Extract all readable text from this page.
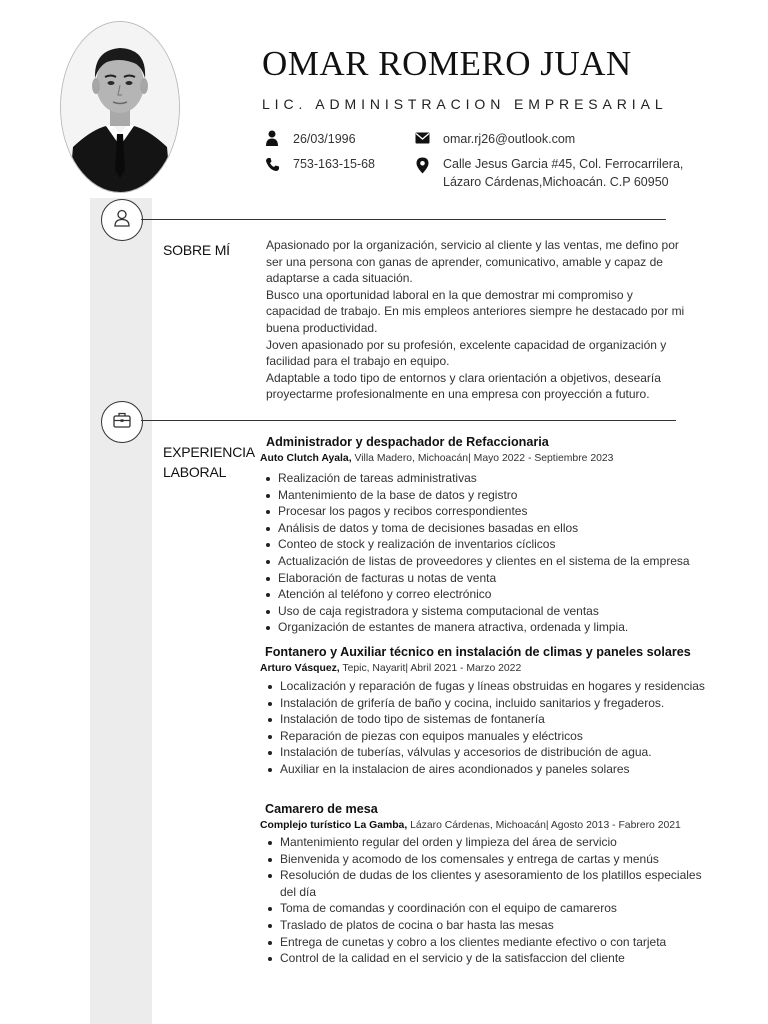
OMAR ROMERO JUAN
LIC. ADMINISTRACION EMPRESARIAL
26/03/1996
753-163-15-68
omar.rj26@outlook.com
Calle Jesus Garcia #45, Col. Ferrocarrilera,
Lázaro Cárdenas,Michoacán. C.P 60950
SOBRE MÍ	Apasionado por la organización, servicio al cliente y las ventas, me defino por ser una persona con ganas de aprender, comunicativo, amable y capaz de adaptarse a cada situación.

Busco una oportunidad laboral en la que demostrar mi compromiso y capacidad de trabajo. En mis empleos anteriores siempre he destacado por mi buena productividad.

Joven apasionado por su profesión, excelente capacidad de organización y facilidad para el trabajo en equipo.

Adaptable a todo tipo de entornos y clara orientación a objetivos, desearía proyectarme profesionalmente en una empresa con proyección a futuro.

EXPERIENCIA
LABORAL
Administrador y despachador de Refaccionaria
Auto Clutch Ayala, Villa Madero, Michoacán| Mayo 2022 - Septiembre 2023
Realización de tareas administrativas
Mantenimiento de la base de datos y registro
Procesar los pagos y recibos correspondientes
Análisis de datos y toma de decisiones basadas en ellos
Conteo de stock y realización de inventarios cíclicos
Actualización de listas de proveedores y clientes en el sistema de la empresa
Elaboración de facturas u notas de venta
Atención al teléfono y correo electrónico
Uso de caja registradora y sistema computacional de ventas
Organización de estantes de manera atractiva, ordenada y limpia.
Fontanero y Auxiliar técnico en instalación de climas y paneles solares
Arturo Vásquez, Tepic, Nayarit| Abril 2021 - Marzo 2022
Localización y reparación de fugas y líneas obstruidas en hogares y residencias
Instalación de grifería de baño y cocina, incluido sanitarios y fregaderos.
Instalación de todo tipo de sistemas de fontanería
Reparación de piezas con equipos manuales y eléctricos
Instalación de tuberías, válvulas y accesorios de distribución de agua.
Auxiliar en la instalacion de aires acondionados y paneles solares
Camarero de mesa
Complejo turístico La Gamba, Lázaro Cárdenas, Michoacán| Agosto 2013 - Fabrero 2021
Mantenimiento regular del orden y limpieza del área de servicio
Bienvenida y acomodo de los comensales y entrega de cartas y menús
Resolución de dudas de los clientes y asesoramiento de los platillos especiales del día
Toma de comandas y coordinación con el equipo de camareros
Traslado de platos de cocina o bar hasta las mesas
Entrega de cunetas y cobro a los clientes mediante efectivo o con tarjeta
Control de la calidad en el servicio y de la satisfaccion del cliente
